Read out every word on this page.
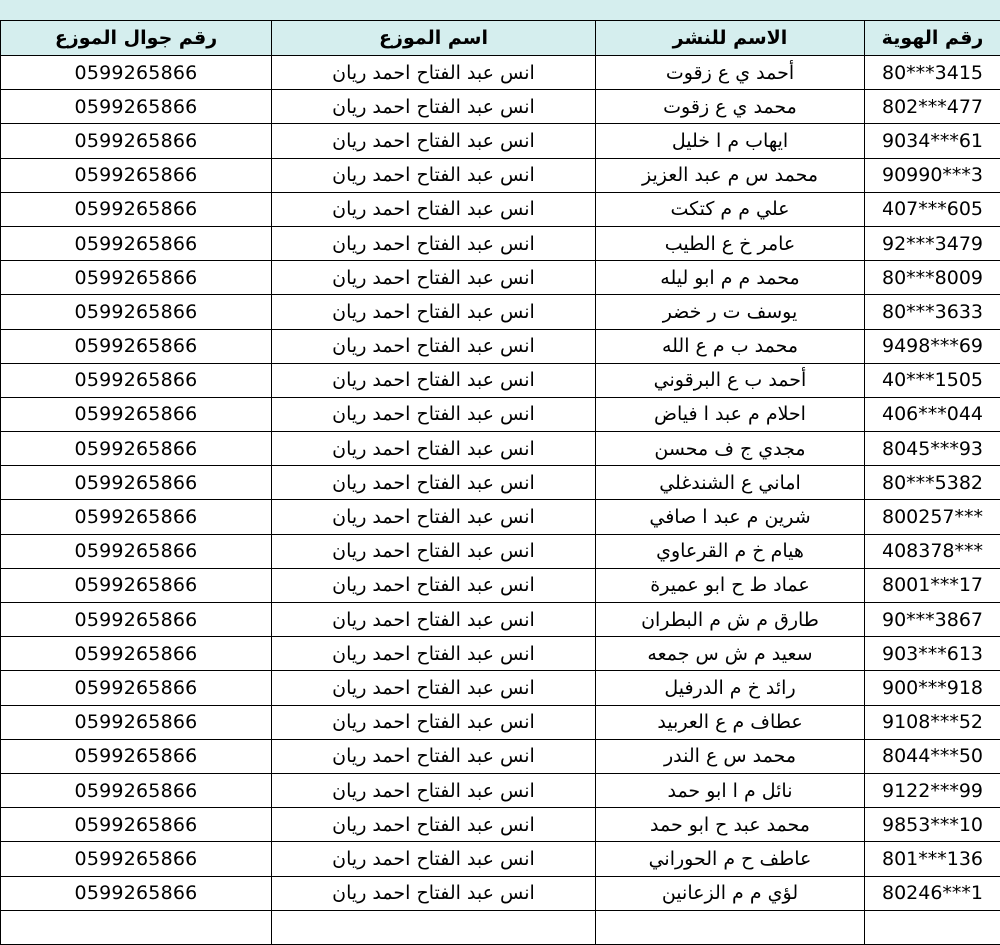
رقم جوال الموزع	اسم الموزع	الاسم للنشر	رقم الهوية
0599265866	انس عبد الفتاح احمد ريان	أحمد ي ع زقوت	80***3415
0599265866	انس عبد الفتاح احمد ريان	محمد ي ع زقوت	802***477
0599265866	انس عبد الفتاح احمد ريان	ايهاب م ا خليل	9034***61
0599265866	انس عبد الفتاح احمد ريان	محمد س م عبد العزيز	90990***3
0599265866	انس عبد الفتاح احمد ريان	علي م م كتكت	407***605
0599265866	انس عبد الفتاح احمد ريان	عامر خ ع الطيب	92***3479
0599265866	انس عبد الفتاح احمد ريان	محمد م م ابو ليله	80***8009
0599265866	انس عبد الفتاح احمد ريان	يوسف ت ر خضر	80***3633
0599265866	انس عبد الفتاح احمد ريان	محمد ب م ع الله	9498***69
0599265866	انس عبد الفتاح احمد ريان	أحمد ب ع البرقوني	40***1505
0599265866	انس عبد الفتاح احمد ريان	احلام م عبد ا فياض	406***044
0599265866	انس عبد الفتاح احمد ريان	مجدي ج ف محسن	8045***93
0599265866	انس عبد الفتاح احمد ريان	اماني ع الشندغلي	80***5382
0599265866	انس عبد الفتاح احمد ريان	شرين م عبد ا صافي	800257***
0599265866	انس عبد الفتاح احمد ريان	هيام خ م القرعاوي	408378***
0599265866	انس عبد الفتاح احمد ريان	عماد ط ح ابو عميرة	8001***17
0599265866	انس عبد الفتاح احمد ريان	طارق م ش م البطران	90***3867
0599265866	انس عبد الفتاح احمد ريان	سعيد م ش س جمعه	903***613
0599265866	انس عبد الفتاح احمد ريان	رائد خ م الدرفيل	900***918
0599265866	انس عبد الفتاح احمد ريان	عطاف م ع العربيد	9108***52
0599265866	انس عبد الفتاح احمد ريان	محمد س ع الندر	8044***50
0599265866	انس عبد الفتاح احمد ريان	نائل م ا ابو حمد	9122***99
0599265866	انس عبد الفتاح احمد ريان	محمد عبد ح ابو حمد	9853***10
0599265866	انس عبد الفتاح احمد ريان	عاطف ح م الحوراني	801***136
0599265866	انس عبد الفتاح احمد ريان	لؤي م م الزعانين	80246***1
